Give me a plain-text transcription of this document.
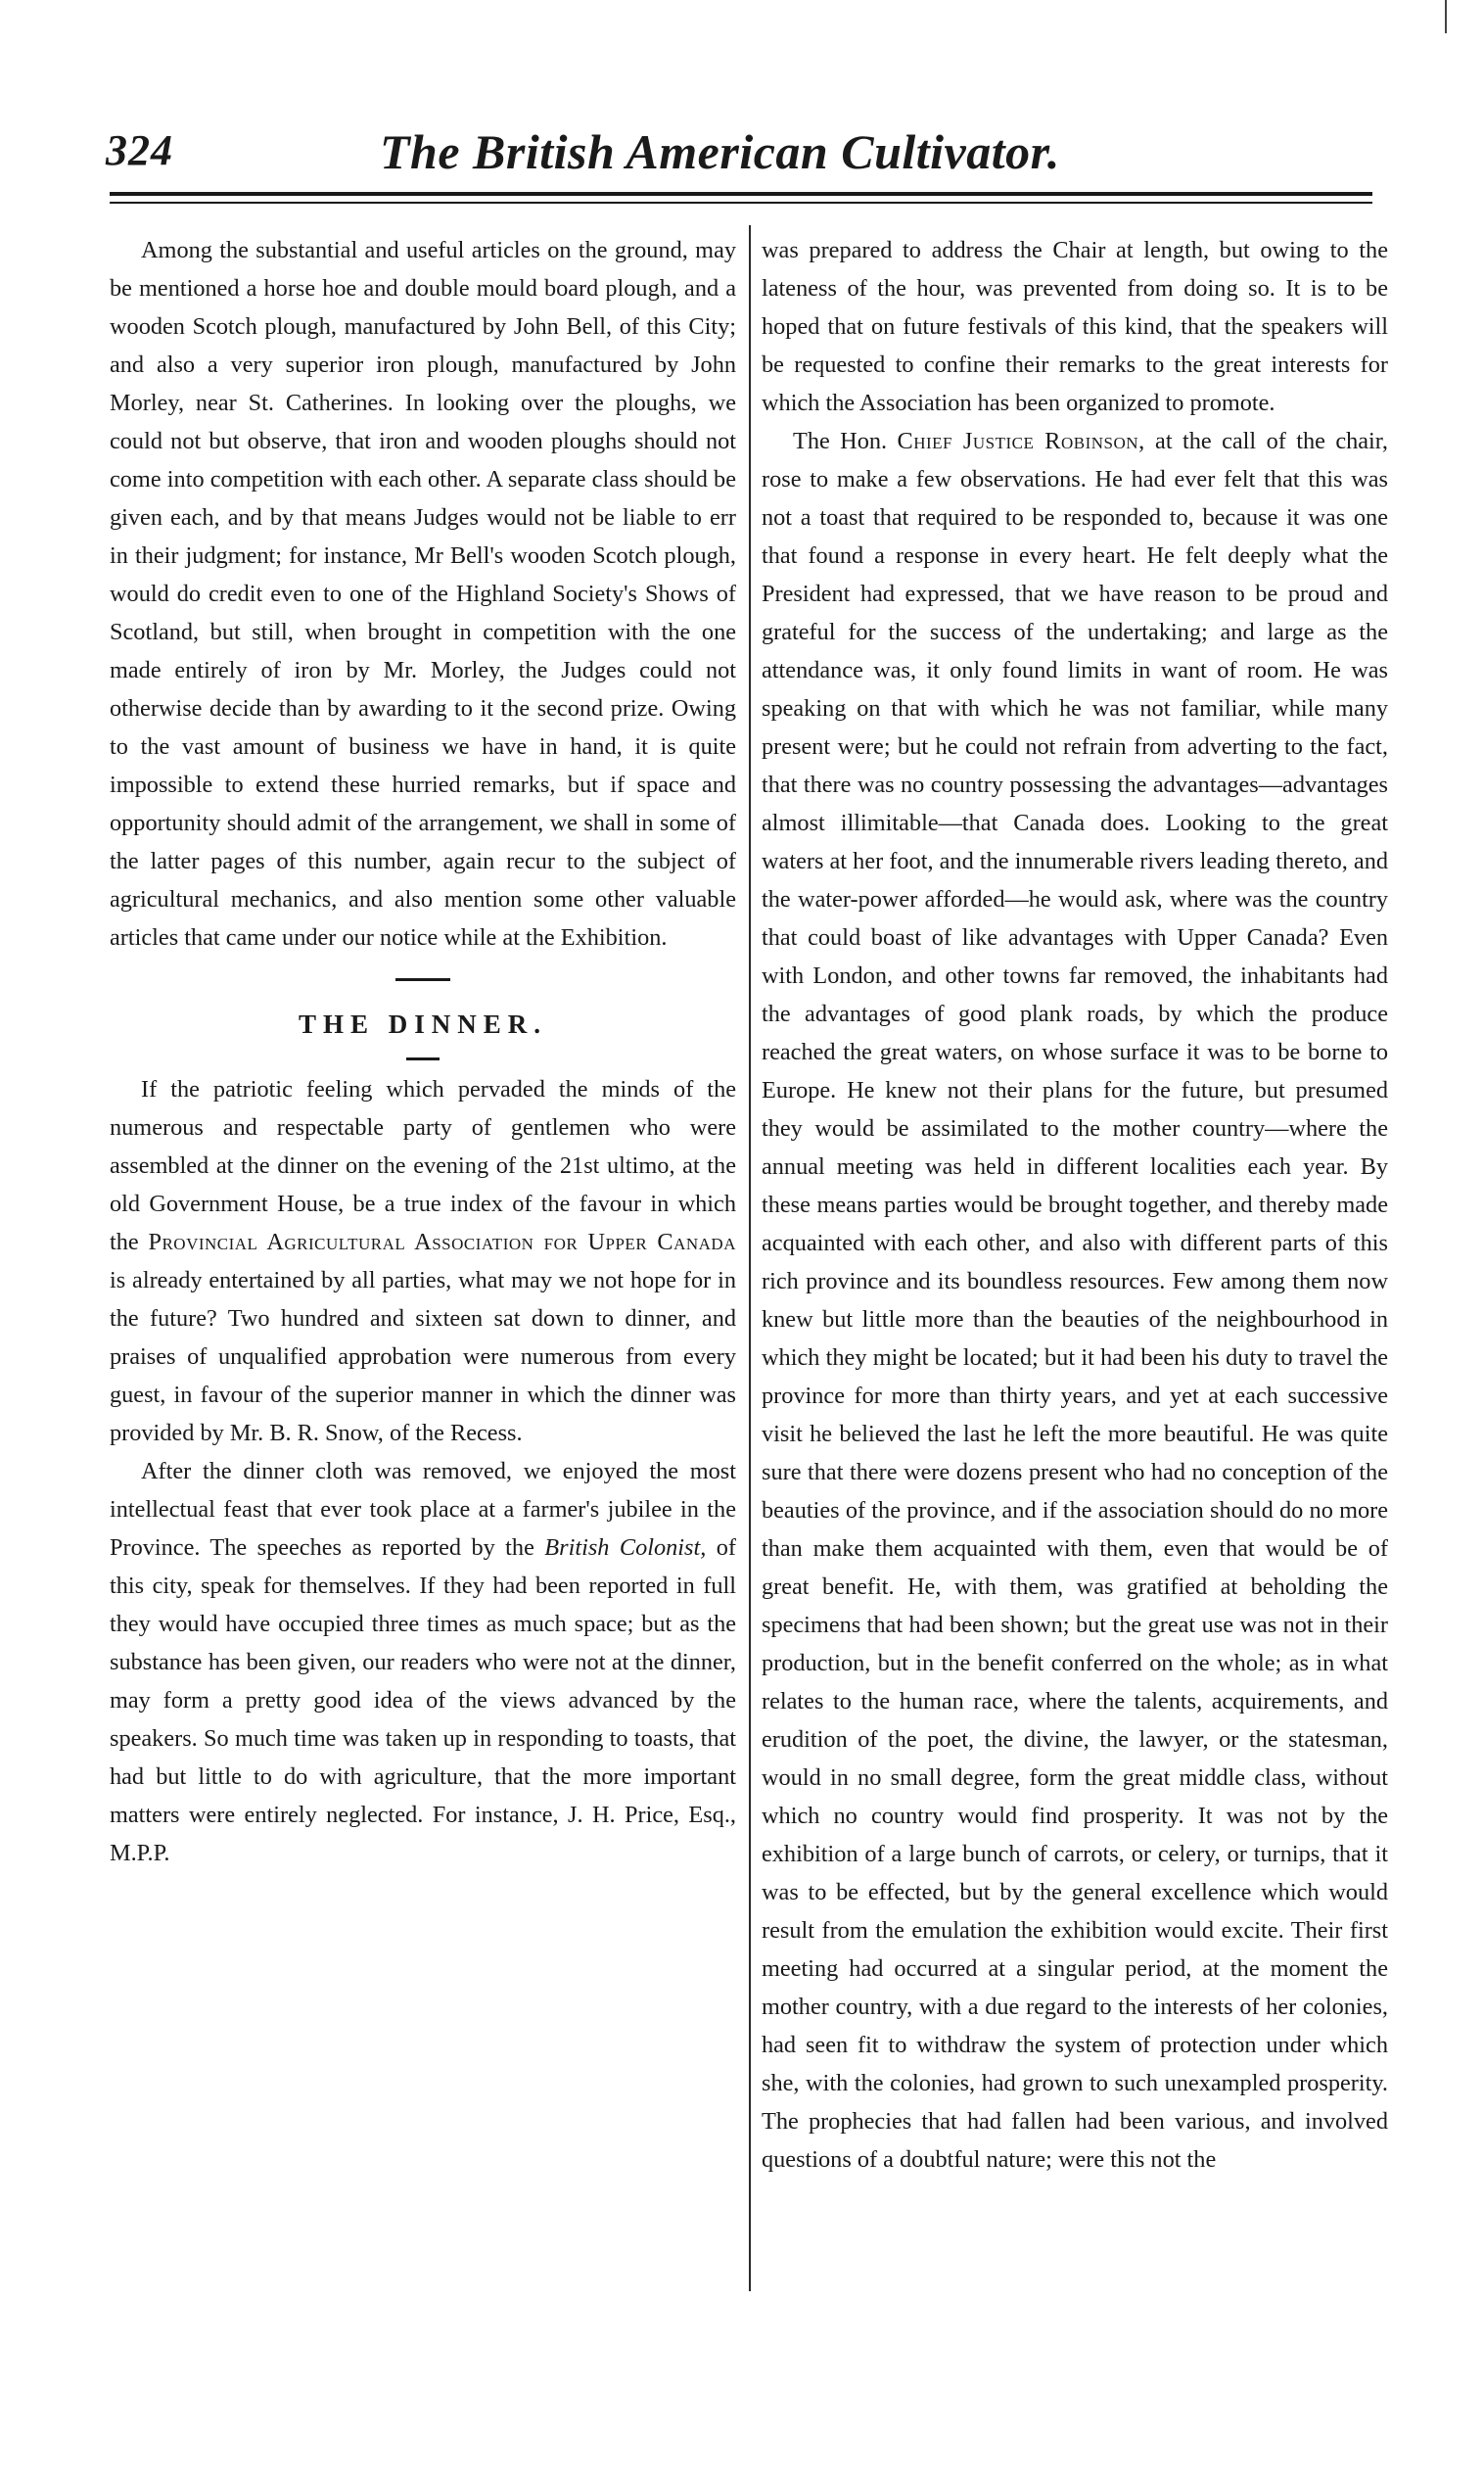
324	The British American Cultivator.

Among the substantial and useful articles on the ground, may be mentioned a horse hoe and double mould board plough, and a wooden Scotch plough, manufactured by John Bell, of this City; and also a very superior iron plough, manufactured by John Morley, near St. Catherines. In looking over the ploughs, we could not but observe, that iron and wooden ploughs should not come into competition with each other. A separate class should be given each, and by that means Judges would not be liable to err in their judgment; for instance, Mr Bell's wooden Scotch plough, would do credit even to one of the Highland Society's Shows of Scotland, but still, when brought in competition with the one made entirely of iron by Mr. Morley, the Judges could not otherwise decide than by awarding to it the second prize. Owing to the vast amount of business we have in hand, it is quite impossible to extend these hurried remarks, but if space and opportunity should admit of the arrangement, we shall in some of the latter pages of this number, again recur to the subject of agricultural mechanics, and also mention some other valuable articles that came under our notice while at the Exhibition.

THE DINNER.

If the patriotic feeling which pervaded the minds of the numerous and respectable party of gentlemen who were assembled at the dinner on the evening of the 21st ultimo, at the old Government House, be a true index of the favour in which the Provincial Agricultural Association for Upper Canada is already entertained by all parties, what may we not hope for in the future? Two hundred and sixteen sat down to dinner, and praises of unqualified approbation were numerous from every guest, in favour of the superior manner in which the dinner was provided by Mr. B. R. Snow, of the Recess.

After the dinner cloth was removed, we enjoyed the most intellectual feast that ever took place at a farmer's jubilee in the Province. The speeches as reported by the British Colonist, of this city, speak for themselves. If they had been reported in full they would have occupied three times as much space; but as the substance has been given, our readers who were not at the dinner, may form a pretty good idea of the views advanced by the speakers. So much time was taken up in responding to toasts, that had but little to do with agriculture, that the more important matters were entirely neglected. For instance, J. H. Price, Esq., M.P.P.

was prepared to address the Chair at length, but owing to the lateness of the hour, was prevented from doing so. It is to be hoped that on future festivals of this kind, that the speakers will be requested to confine their remarks to the great interests for which the Association has been organized to promote.

The Hon. Chief Justice Robinson, at the call of the chair, rose to make a few observations. He had ever felt that this was not a toast that required to be responded to, because it was one that found a response in every heart. He felt deeply what the President had expressed, that we have reason to be proud and grateful for the success of the undertaking; and large as the attendance was, it only found limits in want of room. He was speaking on that with which he was not familiar, while many present were; but he could not refrain from adverting to the fact, that there was no country possessing the advantages—advantages almost illimitable—that Canada does. Looking to the great waters at her foot, and the innumerable rivers leading thereto, and the water-power afforded—he would ask, where was the country that could boast of like advantages with Upper Canada? Even with London, and other towns far removed, the inhabitants had the advantages of good plank roads, by which the produce reached the great waters, on whose surface it was to be borne to Europe. He knew not their plans for the future, but presumed they would be assimilated to the mother country—where the annual meeting was held in different localities each year. By these means parties would be brought together, and thereby made acquainted with each other, and also with different parts of this rich province and its boundless resources. Few among them now knew but little more than the beauties of the neighbourhood in which they might be located; but it had been his duty to travel the province for more than thirty years, and yet at each successive visit he believed the last he left the more beautiful. He was quite sure that there were dozens present who had no conception of the beauties of the province, and if the association should do no more than make them acquainted with them, even that would be of great benefit. He, with them, was gratified at beholding the specimens that had been shown; but the great use was not in their production, but in the benefit conferred on the whole; as in what relates to the human race, where the talents, acquirements, and erudition of the poet, the divine, the lawyer, or the statesman, would in no small degree, form the great middle class, without which no country would find prosperity. It was not by the exhibition of a large bunch of carrots, or celery, or turnips, that it was to be effected, but by the general excellence which would result from the emulation the exhibition would excite. Their first meeting had occurred at a singular period, at the moment the mother country, with a due regard to the interests of her colonies, had seen fit to withdraw the system of protection under which she, with the colonies, had grown to such unexampled prosperity. The prophecies that had fallen had been various, and involved questions of a doubtful nature; were this not the
